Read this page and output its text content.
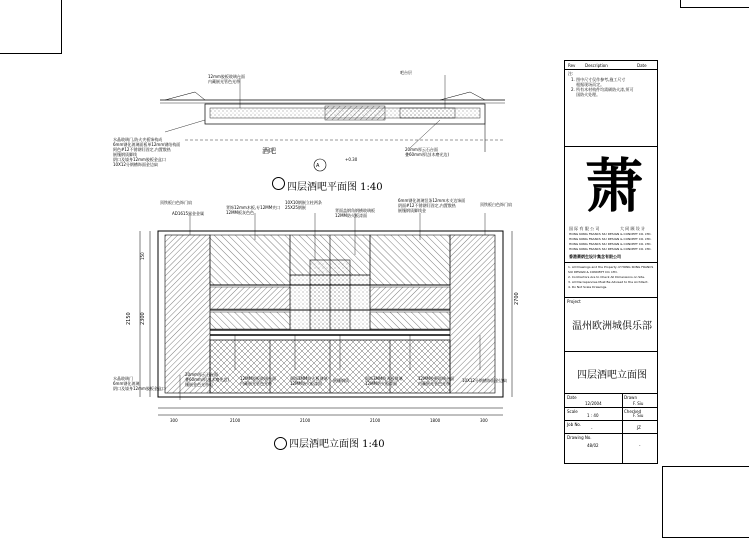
A
12mm胶板玻璃台面
内藏嵌光管色光带
吧台层
20mm厚云石台面
叠60mm厚边(木磨光边)
水晶玻璃门,防火夹板饰构成
6mm钢化玻璃面板单12mm钢结构面
阿色#12不锈钢钉固定,内置散热
嵌镶钢质脚线
阴口及墙身12mm胶板金盒口
10X12分钢槽饰面金边扁
酒吧
+0.30
四层酒吧平面图 1:40
2150 2300
150
2700
顶铁板白色饰门扇
AD1615黑金金属
背饰12mm木板,专12MM夹口
12MM板灰色色
10X10钢嵌立柱两条
25X25钢嵌
背面盖钢角钢横玻璃板
12MM防火板漆面
6mm钢化玻璃竖条12mm木支边饰面
阴面#12不锈钢钉固定,内置散热
嵌镶钢质脚线金
顶铁板白色饰门扇
水晶玻璃门
6mm钢化玻璃
阴口及墙身12mm胶板金盒口
20mm厚云石台面
叠60mm厚边(木磨光边)
镶嵌金色光带柜
12MM胶板玻璃台面
内藏嵌光管色光带
面饰3MM防火板玻璃
12MM防火板漆面
嵌镶钢质	面饰3MM防火板玻璃
12MM防火板漆面
12MM胶板玻璃台面
内藏嵌光管色光带
10X12分钢槽饰面金边扁
300	2100	2100	2100	1800	300
四层酒吧立面图 1:40
Rev Description	Date
注:
1. 图中尺寸仅作参考,施工尺寸
根据现场而定。
2. 所有木材构件均需刷防火漆,须可
国防火处理。
萧
国 际 有 限 公 司	大 同 顾 设 计
HONG KONG FRANCS SIU DESIGN & CONCEPT CO. LTD.
HONG KONG FRANCS SIU DESIGN & CONCEPT CO. LTD.
HONG KONG FRANCS SIU DESIGN & CONCEPT CO. LTD.
HONG KONG FRANCS SIU DESIGN & CONCEPT CO. LTD.
香港萧炳生设计集念有限公司
1. All Drawings and the Property of HONG KONG FRANCS SIU DESIGN & CONCEPT CO. LTD.
2. Contractors Are to Check All Dimensions on Site.
3. All Discrepancies Must Be Advised to the Architect.
4. Do Not Scale Drawings.
Project
温州欧洲城俱乐部
四层酒吧立面图
Date
12/2004
Drawn
F. Siu
Scale
1 : 40
Checked
F. Siu
Job No.
-	JZ
Drawing No.
48/02	-
